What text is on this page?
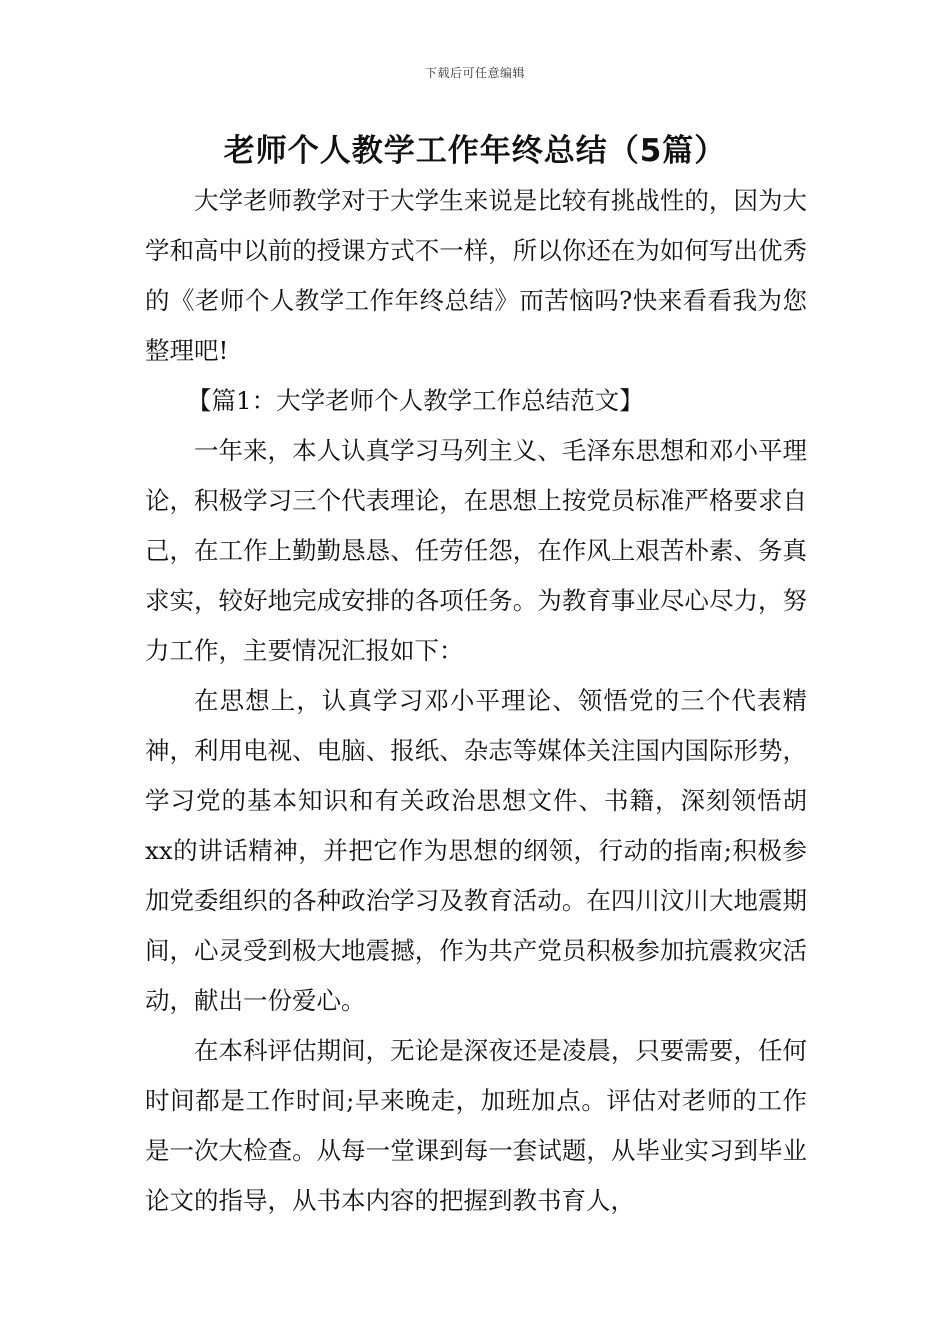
下载后可任意编辑
老师个人教学工作年终总结（5篇）

大学老师教学对于大学生来说是比较有挑战性的，因为大学和高中以前的授课方式不一样，所以你还在为如何写出优秀的《老师个人教学工作年终总结》而苦恼吗?快来看看我为您整理吧!

【篇1：大学老师个人教学工作总结范文】

一年来，本人认真学习马列主义、毛泽东思想和邓小平理论，积极学习三个代表理论，在思想上按党员标准严格要求自己，在工作上勤勤恳恳、任劳任怨，在作风上艰苦朴素、务真求实，较好地完成安排的各项任务。为教育事业尽心尽力，努力工作，主要情况汇报如下：

在思想上，认真学习邓小平理论、领悟党的三个代表精神，利用电视、电脑、报纸、杂志等媒体关注国内国际形势，学习党的基本知识和有关政治思想文件、书籍，深刻领悟胡xx的讲话精神，并把它作为思想的纲领，行动的指南;积极参加党委组织的各种政治学习及教育活动。在四川汶川大地震期间，心灵受到极大地震撼，作为共产党员积极参加抗震救灾活动，献出一份爱心。

在本科评估期间，无论是深夜还是凌晨，只要需要，任何时间都是工作时间;早来晚走，加班加点。评估对老师的工作是一次大检查。从每一堂课到每一套试题，从毕业实习到毕业论文的指导，从书本内容的把握到教书育人，
